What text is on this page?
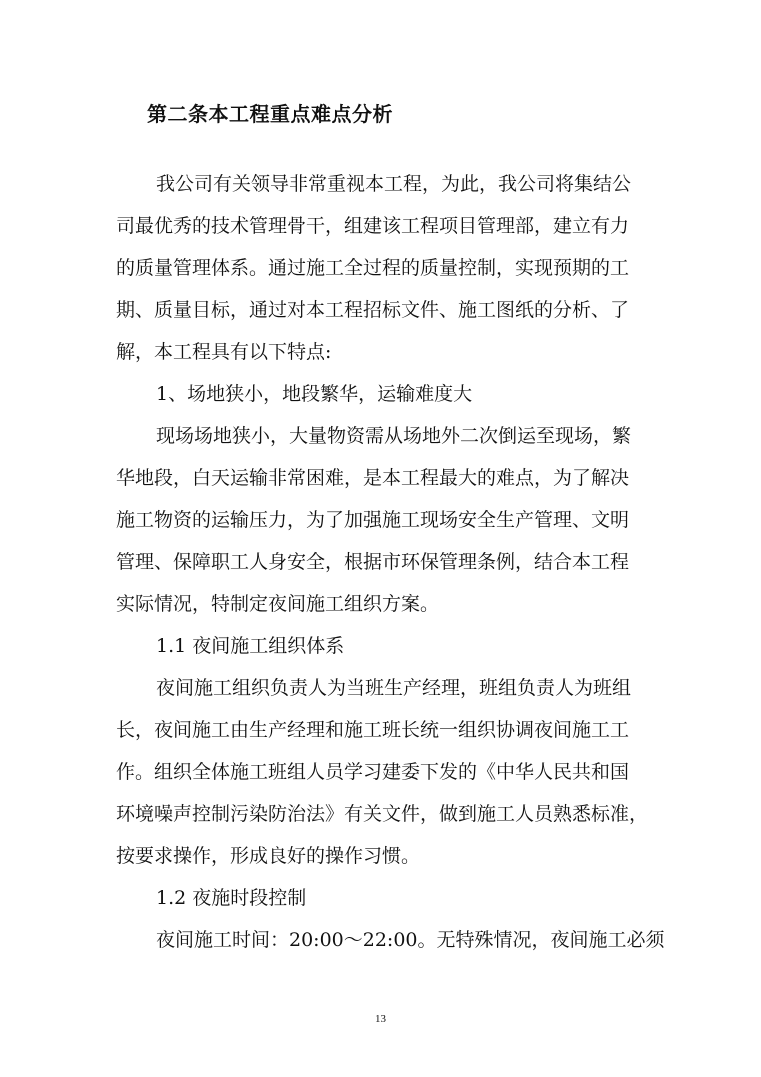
第二条本工程重点难点分析
我公司有关领导非常重视本工程，为此，我公司将集结公
司最优秀的技术管理骨干，组建该工程项目管理部，建立有力
的质量管理体系。通过施工全过程的质量控制，实现预期的工
期、质量目标，通过对本工程招标文件、施工图纸的分析、了
解，本工程具有以下特点:
1、场地狭小，地段繁华，运输难度大
现场场地狭小，大量物资需从场地外二次倒运至现场，繁
华地段，白天运输非常困难，是本工程最大的难点，为了解决
施工物资的运输压力，为了加强施工现场安全生产管理、文明
管理、保障职工人身安全，根据市环保管理条例，结合本工程
实际情况，特制定夜间施工组织方案。
1.1 夜间施工组织体系
夜间施工组织负责人为当班生产经理，班组负责人为班组
长，夜间施工由生产经理和施工班长统一组织协调夜间施工工
作。组织全体施工班组人员学习建委下发的《中华人民共和国
环境噪声控制污染防治法》有关文件，做到施工人员熟悉标准，
按要求操作，形成良好的操作习惯。
1.2 夜施时段控制
夜间施工时间：20:00～22:00。无特殊情况，夜间施工必须
13
